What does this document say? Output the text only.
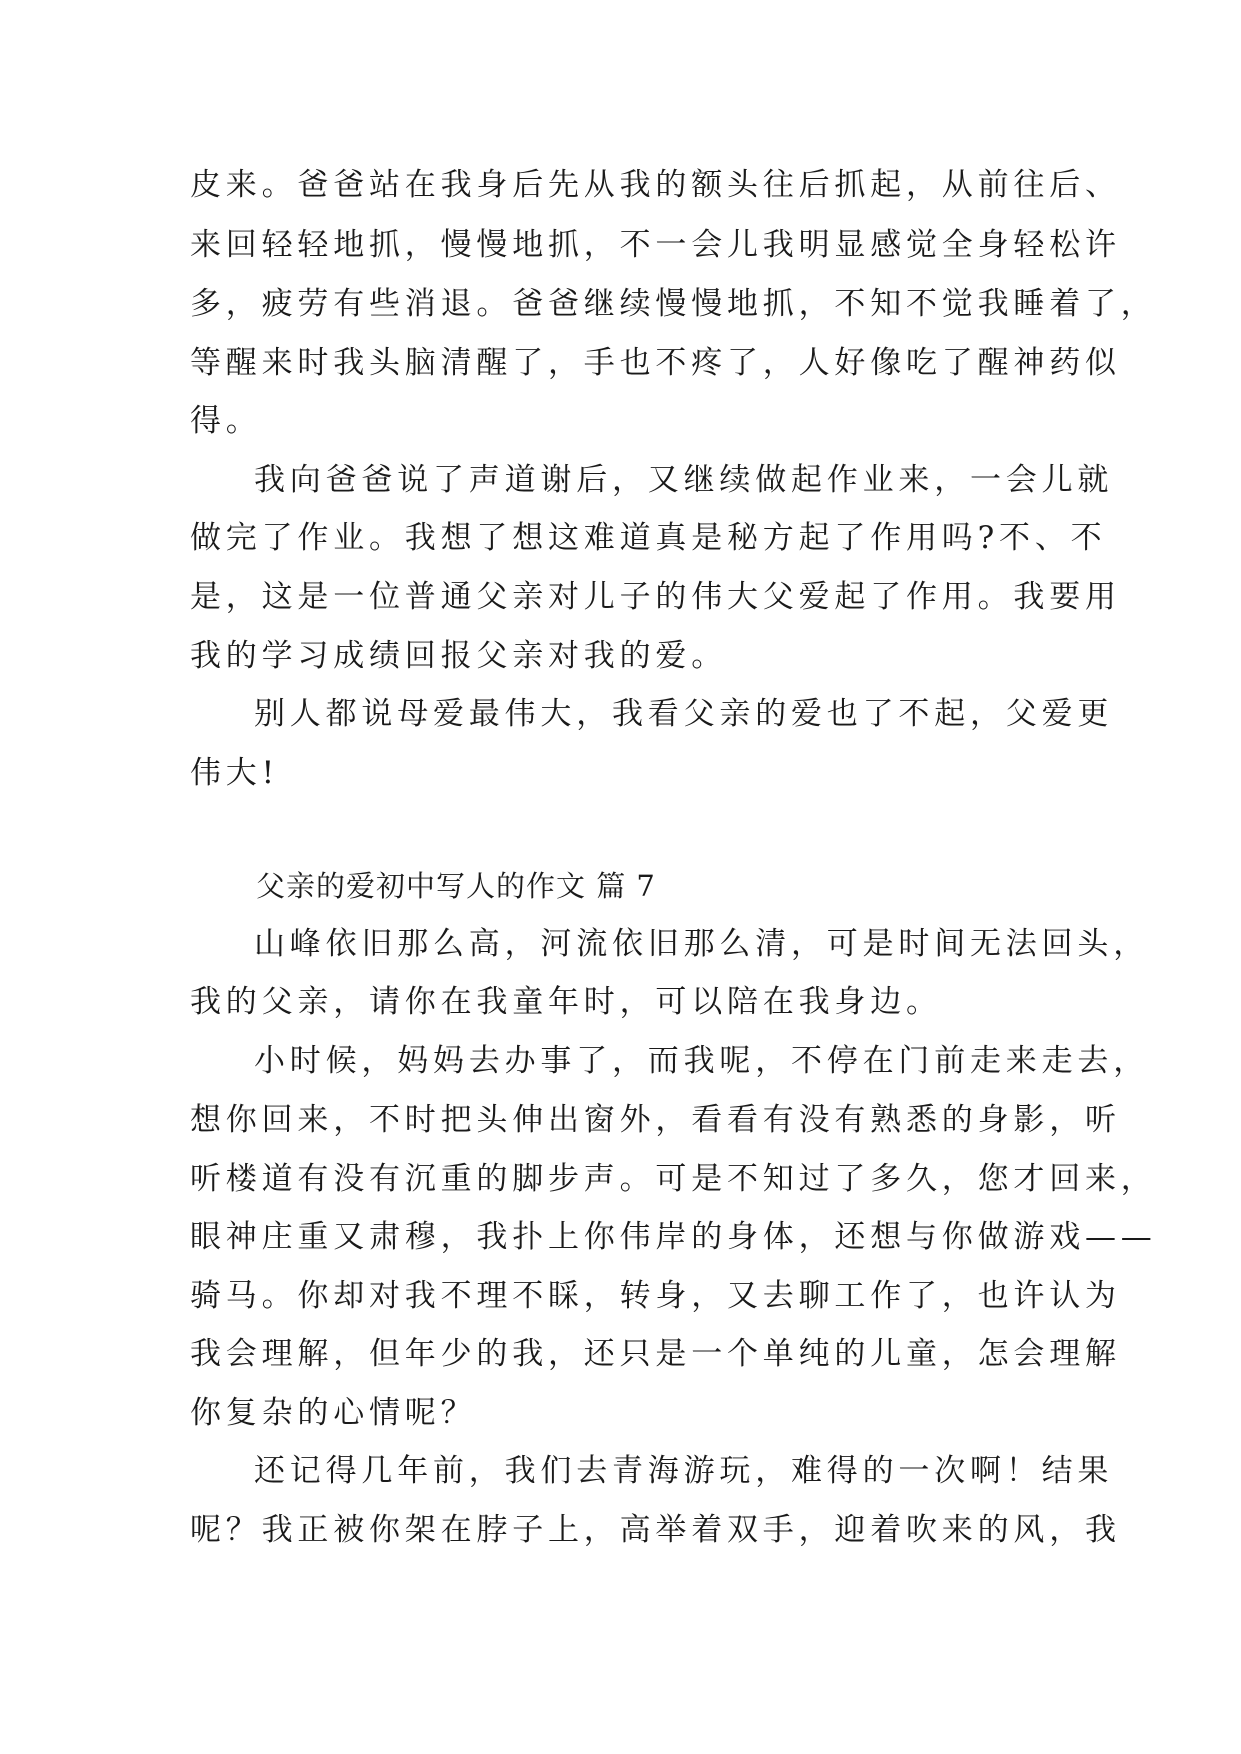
皮来。爸爸站在我身后先从我的额头往后抓起，从前往后、
来回轻轻地抓，慢慢地抓，不一会儿我明显感觉全身轻松许
多，疲劳有些消退。爸爸继续慢慢地抓，不知不觉我睡着了，
等醒来时我头脑清醒了，手也不疼了，人好像吃了醒神药似
得。
我向爸爸说了声道谢后，又继续做起作业来，一会儿就
做完了作业。我想了想这难道真是秘方起了作用吗?不、不
是，这是一位普通父亲对儿子的伟大父爱起了作用。我要用
我的学习成绩回报父亲对我的爱。
别人都说母爱最伟大，我看父亲的爱也了不起，父爱更
伟大!
父亲的爱初中写人的作文 篇 7
山峰依旧那么高，河流依旧那么清，可是时间无法回头，
我的父亲，请你在我童年时，可以陪在我身边。
小时候，妈妈去办事了，而我呢，不停在门前走来走去，
想你回来，不时把头伸出窗外，看看有没有熟悉的身影，听
听楼道有没有沉重的脚步声。可是不知过了多久，您才回来，
眼神庄重又肃穆，我扑上你伟岸的身体，还想与你做游戏——
骑马。你却对我不理不睬，转身，又去聊工作了，也许认为
我会理解，但年少的我，还只是一个单纯的儿童，怎会理解
你复杂的心情呢？
还记得几年前，我们去青海游玩，难得的一次啊！结果
呢？我正被你架在脖子上，高举着双手，迎着吹来的风，我
